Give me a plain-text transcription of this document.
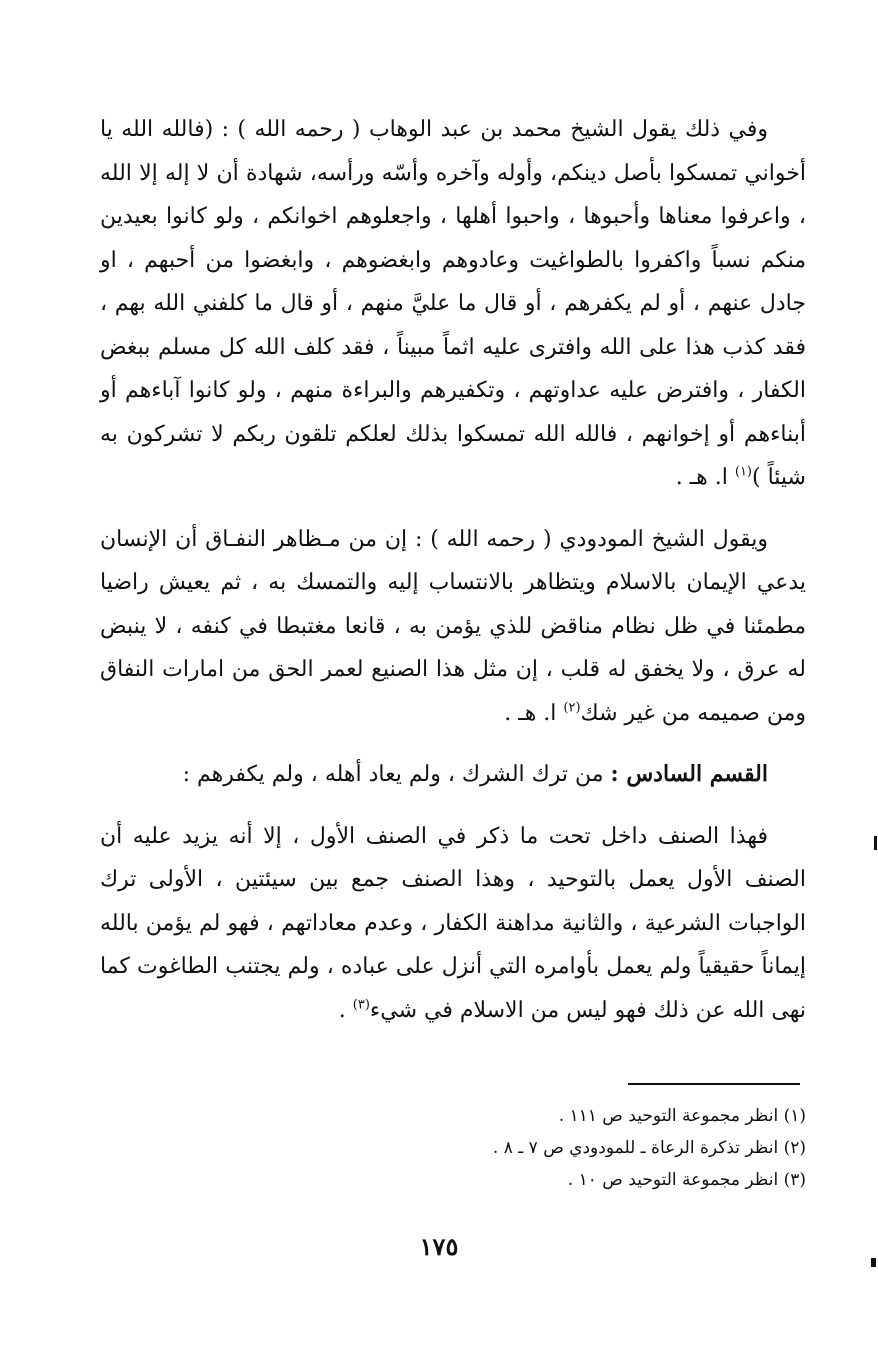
وفي ذلك يقول الشيخ محمد بن عبد الوهاب ( رحمه الله ) : (فالله الله يا أخواني تمسكوا بأصل دينكم، وأوله وآخره وأسّه ورأسه، شهادة أن لا إله إلا الله ، واعرفوا معناها وأحبوها ، واحبوا أهلها ، واجعلوهم اخوانكم ، ولو كانوا بعيدين منكم نسباً واكفروا بالطواغيت وعادوهم وابغضوهم ، وابغضوا من أحبهم ، او جادل عنهم ، أو لم يكفرهم ، أو قال ما عليَّ منهم ، أو قال ما كلفني الله بهم ، فقد كذب هذا على الله وافترى عليه اثماً مبيناً ، فقد كلف الله كل مسلم ببغض الكفار ، وافترض عليه عداوتهم ، وتكفيرهم والبراءة منهم ، ولو كانوا آباءهم أو أبناءهم أو إخوانهم ، فالله الله تمسكوا بذلك لعلكم تلقون ربكم لا تشركون به شيئاً )$^{(١)}$ ا. هـ .

ويقول الشيخ المودودي ( رحمه الله ) : إن من مـظاهر النفـاق أن الإنسان يدعي الإيمان بالاسلام ويتظاهر بالانتساب إليه والتمسك به ، ثم يعيش راضيا مطمئنا في ظل نظام مناقض للذي يؤمن به ، قانعا مغتبطا في كنفه ، لا ينبض له عرق ، ولا يخفق له قلب ، إن مثل هذا الصنيع لعمر الحق من امارات النفاق ومن صميمه من غير شك$^{(٢)}$ ا. هـ .

القسم السادس : من ترك الشرك ، ولم يعاد أهله ، ولم يكفرهم :

فهذا الصنف داخل تحت ما ذكر في الصنف الأول ، إلا أنه يزيد عليه أن الصنف الأول يعمل بالتوحيد ، وهذا الصنف جمع بين سيئتين ، الأولى ترك الواجبات الشرعية ، والثانية مداهنة الكفار ، وعدم معاداتهم ، فهو لم يؤمن بالله إيماناً حقيقياً ولم يعمل بأوامره التي أنزل على عباده ، ولم يجتنب الطاغوت كما نهى الله عن ذلك فهو ليس من الاسلام في شيء$^{(٣)}$ .

(١) انظر مجموعة التوحيد ص ١١١ .

(٢) انظر تذكرة الرعاة ـ للمودودي ص ٧ ـ ٨ .

(٣) انظر مجموعة التوحيد ص ١٠ .

١٧٥
